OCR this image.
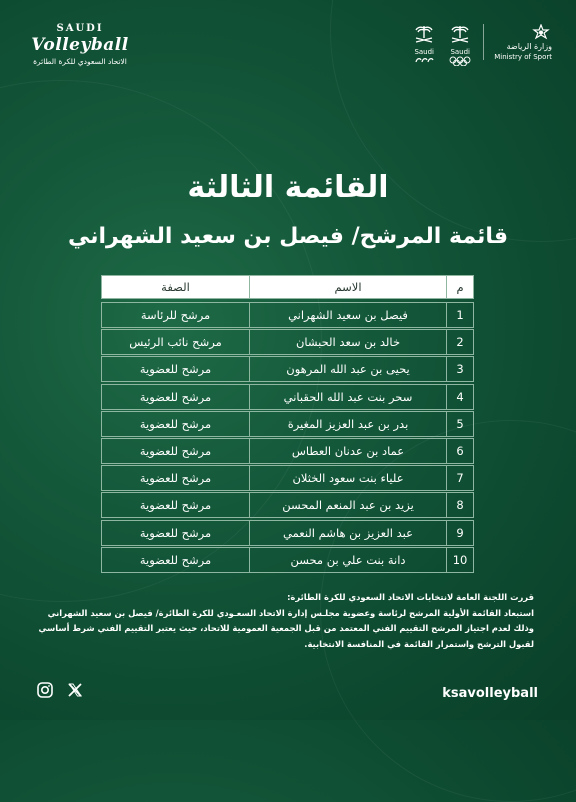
SAUDI
Volleyball
الاتحاد السعودي للكرة الطائرة
Saudi	Saudi
وزارة الرياضة
Ministry of Sport
القائمة الثالثة
قائمة المرشح/ فيصل بن سعيد الشهراني
م
الاسم
الصفة
1
فيصل بن سعيد الشهراني
مرشح للرئاسة
2
خالد بن سعد الحبشان
مرشح نائب الرئيس
3
يحيى بن عبد الله المرهون
مرشح للعضوية
4
سحر بنت عبد الله الحقباني
مرشح للعضوية
5
بدر بن عبد العزيز المغيرة
مرشح للعضوية
6
عماد بن عدنان العطاس
مرشح للعضوية
7
علياء بنت سعود الخثلان
مرشح للعضوية
8
يزيد بن عبد المنعم المحسن
مرشح للعضوية
9
عبد العزيز بن هاشم النعمي
مرشح للعضوية
10
دانة بنت علي بن محسن
مرشح للعضوية
قررت اللجنة العامة لانتخابات الاتحاد السعودي للكرة الطائرة:
استبعاد القائمة الأولية المرشح لرئاسة وعضوية مجلـس إدارة الاتحاد السعـودي للكرة الطائرة/ فيصل بن سعيد الشهراني
وذلك لعدم اجتياز المرشح التقييم الفني المعتمد من قبل الجمعية العمومية للاتحاد، حيث يعتبر التقييم الفني شرط أساسي
لقبول الترشح واستمرار القائمة في المنافسة الانتخابية.
ksavolleyball
